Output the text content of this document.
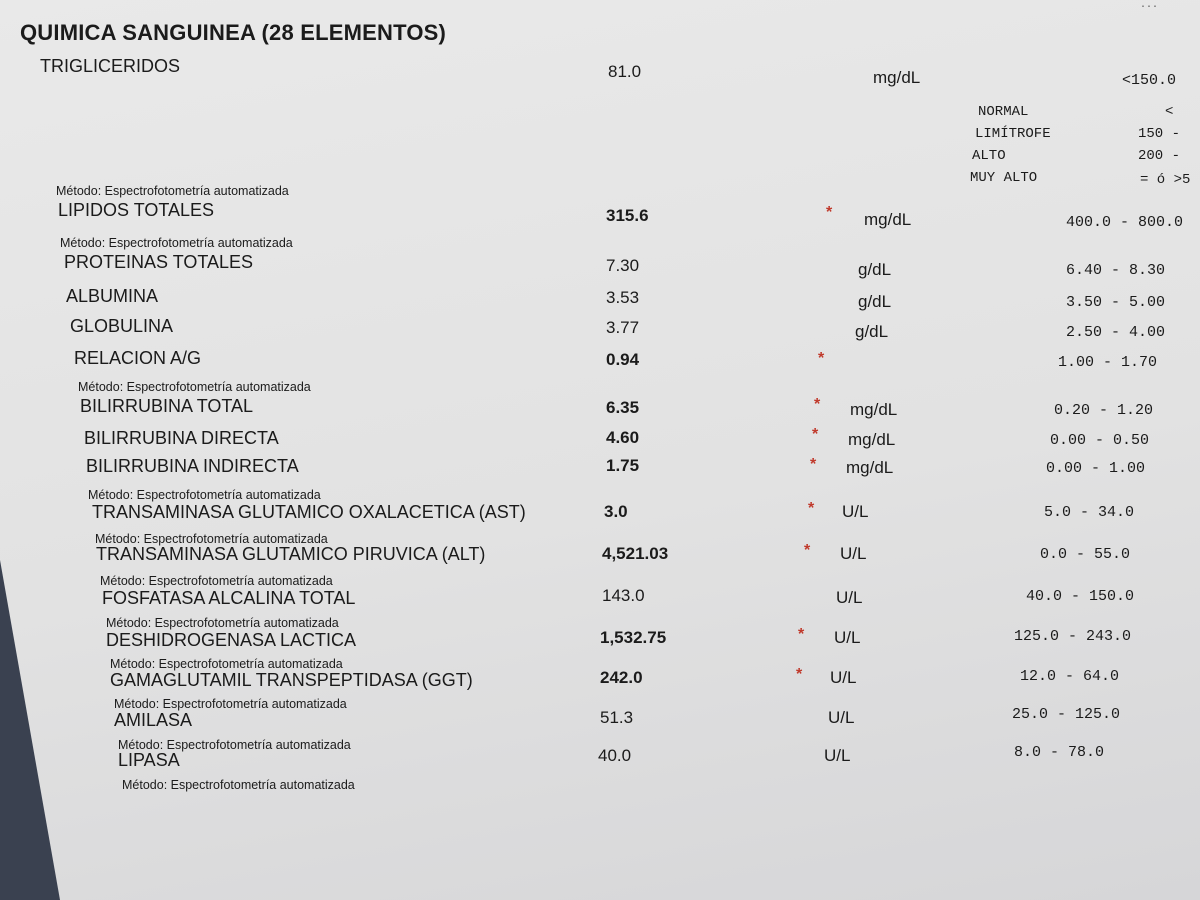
...
QUIMICA SANGUINEA (28 ELEMENTOS)
TRIGLICERIDOS	81.0	mg/dL	<150.0
NORMAL	<
LIMÍTROFE	150 -
ALTO	200 -
MUY ALTO	= ó >5
Método: Espectrofotometría automatizada
Método: Espectrofotometría automatizada
Método: Espectrofotometría automatizada
Método: Espectrofotometría automatizada
Método: Espectrofotometría automatizada
Método: Espectrofotometría automatizada
Método: Espectrofotometría automatizada
Método: Espectrofotometría automatizada
Método: Espectrofotometría automatizada
Método: Espectrofotometría automatizada
Método: Espectrofotometría automatizada
LIPIDOS TOTALES	315.6	* mg/dL	400.0 - 800.0
PROTEINAS TOTALES	7.30	g/dL	6.40 - 8.30
ALBUMINA	3.53	g/dL	3.50 - 5.00
GLOBULINA	3.77	g/dL	2.50 - 4.00
RELACION A/G	0.94	*	1.00 - 1.70
BILIRRUBINA TOTAL	6.35	* mg/dL	0.20 - 1.20
BILIRRUBINA DIRECTA	4.60	* mg/dL	0.00 - 0.50
BILIRRUBINA INDIRECTA	1.75	* mg/dL	0.00 - 1.00
TRANSAMINASA GLUTAMICO OXALACETICA (AST)	3.0	* U/L	5.0 - 34.0
TRANSAMINASA GLUTAMICO PIRUVICA (ALT)	4,521.03	* U/L	0.0 - 55.0
FOSFATASA ALCALINA TOTAL	143.0	U/L	40.0 - 150.0
DESHIDROGENASA LACTICA	1,532.75	* U/L	125.0 - 243.0
GAMAGLUTAMIL TRANSPEPTIDASA (GGT)	242.0	* U/L	12.0 - 64.0
AMILASA	51.3	U/L	25.0 - 125.0
LIPASA	40.0	U/L	8.0 - 78.0
